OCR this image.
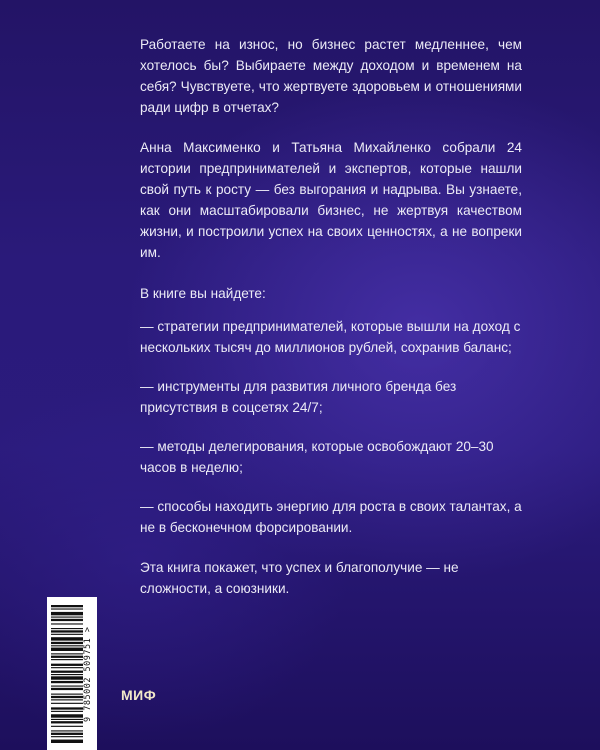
Работаете на износ, но бизнес растет медленнее, чем хотелось бы? Выбираете между доходом и временем на себя? Чувствуете, что жертвуете здоровьем и отношениями ради цифр в отчетах?

Анна Максименко и Татьяна Михайленко собрали 24 истории предпринимателей и экспертов, которые нашли свой путь к росту — без выгорания и надрыва. Вы узнаете, как они масштабировали бизнес, не жертвуя качеством жизни, и построили успех на своих ценностях, а не вопреки им.

В книге вы найдете:

— стратегии предпринимателей, которые вышли на доход с нескольких тысяч до миллионов рублей, сохранив баланс;
— инструменты для развития личного бренда без присутствия в соцсетях 24/7;
— методы делегирования, которые освобождают 20–30 часов в неделю;
— способы находить энергию для роста в своих талантах, а не в бесконечном форсировании.

Эта книга покажет, что успех и благополучие — не сложности, а союзники.

9 785002 509751 > МИФ
